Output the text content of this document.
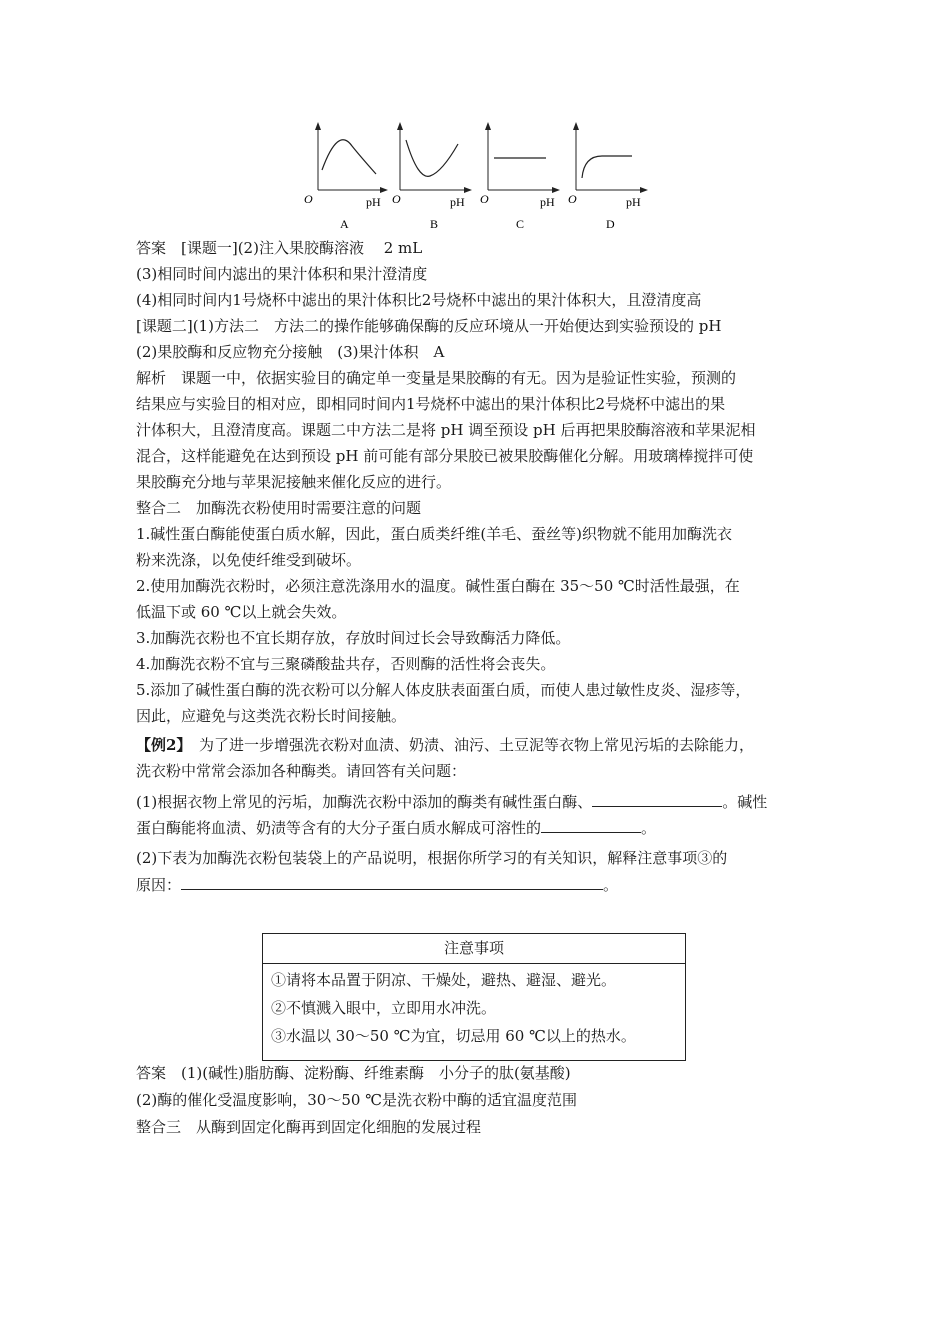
O	pH
A
O	pH
B
O	pH
C
O	pH
D
答案　[课题一](2)注入果胶酶溶液　 2 mL
(3)相同时间内滤出的果汁体积和果汁澄清度
(4)相同时间内1号烧杯中滤出的果汁体积比2号烧杯中滤出的果汁体积大，且澄清度高
[课题二](1)方法二　方法二的操作能够确保酶的反应环境从一开始便达到实验预设的 pH
(2)果胶酶和反应物充分接触　(3)果汁体积　A
解析　课题一中，依据实验目的确定单一变量是果胶酶的有无。因为是验证性实验，预测的
结果应与实验目的相对应，即相同时间内1号烧杯中滤出的果汁体积比2号烧杯中滤出的果
汁体积大，且澄清度高。课题二中方法二是将 pH 调至预设 pH 后再把果胶酶溶液和苹果泥相
混合，这样能避免在达到预设 pH 前可能有部分果胶已被果胶酶催化分解。用玻璃棒搅拌可使
果胶酶充分地与苹果泥接触来催化反应的进行。
整合二　加酶洗衣粉使用时需要注意的问题
1.碱性蛋白酶能使蛋白质水解，因此，蛋白质类纤维(羊毛、蚕丝等)织物就不能用加酶洗衣
粉来洗涤，以免使纤维受到破坏。
2.使用加酶洗衣粉时，必须注意洗涤用水的温度。碱性蛋白酶在 35～50 ℃时活性最强，在
低温下或 60 ℃以上就会失效。
3.加酶洗衣粉也不宜长期存放，存放时间过长会导致酶活力降低。
4.加酶洗衣粉不宜与三聚磷酸盐共存，否则酶的活性将会丧失。
5.添加了碱性蛋白酶的洗衣粉可以分解人体皮肤表面蛋白质，而使人患过敏性皮炎、湿疹等，
因此，应避免与这类洗衣粉长时间接触。
【例2】　为了进一步增强洗衣粉对血渍、奶渍、油污、土豆泥等衣物上常见污垢的去除能力，
洗衣粉中常常会添加各种酶类。请回答有关问题：
(1)根据衣物上常见的污垢，加酶洗衣粉中添加的酶类有碱性蛋白酶、	。碱性
蛋白酶能将血渍、奶渍等含有的大分子蛋白质水解成可溶性的	。
(2)下表为加酶洗衣粉包装袋上的产品说明，根据你所学习的有关知识，解释注意事项③的
原因：	。
注意事项
①请将本品置于阴凉、干燥处，避热、避湿、避光。
②不慎溅入眼中，立即用水冲洗。
③水温以 30～50 ℃为宜，切忌用 60 ℃以上的热水。
答案　(1)(碱性)脂肪酶、淀粉酶、纤维素酶　小分子的肽(氨基酸)
(2)酶的催化受温度影响，30～50 ℃是洗衣粉中酶的适宜温度范围
整合三　从酶到固定化酶再到固定化细胞的发展过程
